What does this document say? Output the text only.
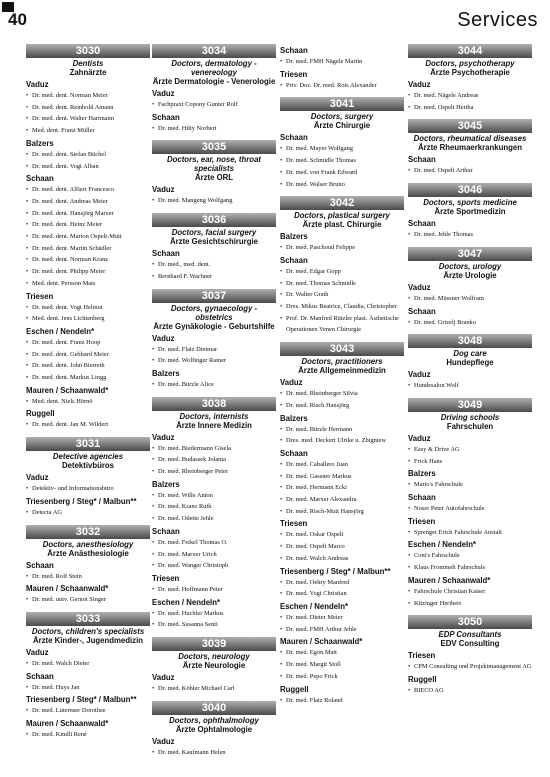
40	Services
3030
Dentists
Zahnärzte
Vaduz
• Dr. med. dent. Norman Meier
• Dr. med. dent. Reinhold Amann
• Dr. med. dent. Walter Hartmann
• Med. dent. Franz Müller
Balzers
• Dr. med. dent. Stefan Büchel
• Dr. med. dent. Vogt Alban
Schaan
• Dr. med. dent. Alfieri Francesco
• Dr. med. dent. Andreas Meier
• Dr. med. dent. Hansjörg Marxer
• Dr. med. dent. Heinz Meier
• Dr. med. dent. Marion Ospelt-Mutt
• Dr. med. dent. Martin Schädler
• Dr. med. dent. Norman Kranz
• Dr. med. dent. Philipp Meier
• Med. dent. Persson Mats
Triesen
• Dr. med. dent. Vogt Helmut
• Med. dent. Jens Lichtenberg
Eschen / Nendeln*
• Dr. med. dent. Franz Hoop
• Dr. med. dent. Gebhard Meier
• Dr. med. dent. John Bierreth
• Dr. med. dent. Markus Lingg
Mauren / Schaanwald*
• Med. dent. Niels Hörnö
Ruggell
• Dr. med. dent. Jan M. Wildert
3031
Detective agencies
Detektivbüros
Vaduz
• Detektiv- und Informationsbüro
Triesenberg / Steg* / Malbun**
• Detecta AG
3032
Doctors, anesthesiology
Ärzte Anästhesiologie
Schaan
• Dr. med. Rolf Stein
Mauren / Schaanwald*
• Dr. med. univ. Gernot Singer
3033
Doctors, children's specialists
Ärzte Kinder-, Jugendmedizin
Vaduz
• Dr. med. Walch Dieter
Schaan
• Dr. med. Huys Jan
Triesenberg / Steg* / Malbun**
• Dr. med. Luternser Dorothee
Mauren / Schaanwald*
• Dr. med. Kindli René
3034
Doctors, dermatology - venereology
Ärzte Dermatologie - Venerologie
Vaduz
• Fachpraxt Copony Gunter Rolf
Schaan
• Dr. med. Hilty Norbert
3035
Doctors, ear, nose, throat specialists
Ärzte ORL
Vaduz
• Dr. med. Mangeng Wolfgang
3036
Doctors, facial surgery
Ärzte Gesichtschirurgie
Schaan
• Dr. med., med. dent.
• Bernhard F. Wachner
3037
Doctors, gynaecology - obstetrics
Ärzte Gynäkologie - Geburtshilfe
Vaduz
• Dr. med. Flatz Dietmar
• Dr. med. Wolfinger Rainer
Balzers
• Dr. med. Bürzle Alice
3038
Doctors, internists
Ärzte Innere Medizin
Vaduz
• Dr. med. Biedermann Gisela
• Dr. med. Budassek Jolanta
• Dr. med. Rheinberger Peter
Balzers
• Dr. med. Wille Anton
• Dr. med. Kranz Ruth
• Dr. med. Odette Jehle
Schaan
• Dr. med. Feikel Thomas O.
• Dr. med. Marxer Urich
• Dr. med. Wanger Christoph
Triesen
• Dr. med. Hoffmann Peter
Eschen / Nendeln*
• Dr. med. Huchler Markus
• Dr. med. Susanna Senti
3039
Doctors, neurology
Ärzte Neurologie
Vaduz
• Dr. med. Köhler Michael Carl
3040
Doctors, ophthalmology
Ärzte Ophtalmologie
Vaduz
• Dr. med. Kaufmann Helen
Schaan
• Dr. med. FMH Nägele Martin
Triesen
• Priv. Doz. Dr. med. Rois Alexander
3041
Doctors, surgery
Ärzte Chirurgie
Schaan
• Dr. med. Mayer Wolfgang
• Dr. med. Schmidle Thomas
• Dr. med. von Frank Edward
• Dr. med. Walser Bruno
3042
Doctors, plastical surgery
Ärzte plast. Chirurgie
Balzers
• Dr. med. Paschoud Felippe
Schaan
• Dr. med. Edgar Gopp
• Dr. med. Thomas Schmidle
• Dr. Walter Grath
• Dres. Mikus Beatrice, Claudia, Christopher
• Prof. Dr. Manfred Rützler plast. Ästhetische Operationen Venen Chirurgie
3043
Doctors, practitioners
Ärzte Allgemeinmedizin
Vaduz
• Dr. med. Rheinberger Silvia
• Dr. med. Risch Hansjörg
Balzers
• Dr. med. Bürzle Hermann
• Dres. med. Deckert Ulrike u. Zbigniew
Schaan
• Dr. med. Caballero Juan
• Dr. med. Gassner Markus
• Dr. med. Hermann Ecki
• Dr. med. Marxer Alexandra
• Dr. med. Risch-Mutt Hansjörg
Triesen
• Dr. med. Oskar Ospelt
• Dr. med. Ospelt Marco
• Dr. med. Walch Andreas
Triesenberg / Steg* / Malbun**
• Dr. med. Oehry Manfred
• Dr. med. Vogt Christian
Eschen / Nendeln*
• Dr. med. Dieter Meier
• Dr. med. FMH Arthur Jehle
Mauren / Schaanwald*
• Dr. med. Egon Matt
• Dr. med. Margit Stoll
• Dr. med. Pepo Frick
Ruggell
• Dr. med. Flatz Roland
3044
Doctors, psychotherapy
Ärzte Psychotherapie
Vaduz
• Dr. med. Nägele Andreas
• Dr. med. Ospelt Hertha
3045
Doctors, rheumatical diseases
Ärzte Rheumaerkrankungen
Schaan
• Dr. med. Ospelt Arthur
3046
Doctors, sports medicine
Ärzte Sportmedizin
Schaan
• Dr. med. Jehle Thomas
3047
Doctors, urology
Ärzte Urologie
Vaduz
• Dr. med. Müssner Wolfram
Schaan
• Dr. med. Grizelj Branko
3048
Dog care
Hundepflege
Vaduz
• Hundesalon Wolf
3049
Driving schools
Fahrschulen
Vaduz
• Easy & Drive AG
• Frick Hans
Balzers
• Mario's Fahrschule
Schaan
• Noser Peter Autofahrschule
Triesen
• Sprenger Erich Fahrschule Anstalt
Eschen / Nendeln*
• Coni's Fahrschule
• Klaus Frommelt Fahrschule
Mauren / Schaanwald*
• Fahrschule Christian Kaiser
• Kitzinger Heribert
3050
EDP Consultants
EDV Consulting
Triesen
• CPM Consulting und Projektmanagement AG
Ruggell
• BIECO AG
